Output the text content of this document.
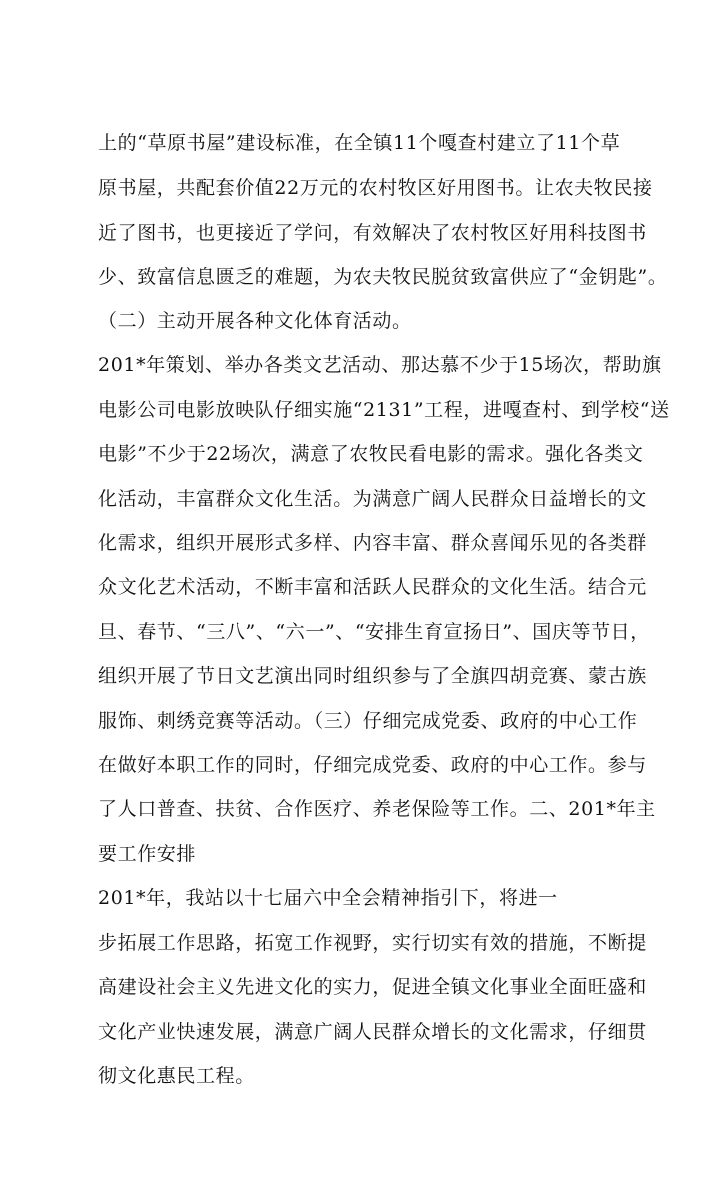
上的“草原书屋”建设标准，在全镇11个嘎查村建立了11个草
原书屋，共配套价值22万元的农村牧区好用图书。让农夫牧民接
近了图书，也更接近了学问，有效解决了农村牧区好用科技图书
少、致富信息匮乏的难题，为农夫牧民脱贫致富供应了“金钥匙”。
（二）主动开展各种文化体育活动。
201*年策划、举办各类文艺活动、那达慕不少于15场次，帮助旗
电影公司电影放映队仔细实施“2131”工程，进嘎查村、到学校“送
电影”不少于22场次，满意了农牧民看电影的需求。强化各类文
化活动，丰富群众文化生活。为满意广阔人民群众日益增长的文
化需求，组织开展形式多样、内容丰富、群众喜闻乐见的各类群
众文化艺术活动，不断丰富和活跃人民群众的文化生活。结合元
旦、春节、“三八”、“六一”、“安排生育宣扬日”、国庆等节日，
组织开展了节日文艺演出同时组织参与了全旗四胡竞赛、蒙古族
服饰、刺绣竞赛等活动。（三）仔细完成党委、政府的中心工作
在做好本职工作的同时，仔细完成党委、政府的中心工作。参与
了人口普查、扶贫、合作医疗、养老保险等工作。二、201*年主
要工作安排
201*年，我站以十七届六中全会精神指引下，将进一
步拓展工作思路，拓宽工作视野，实行切实有效的措施，不断提
高建设社会主义先进文化的实力，促进全镇文化事业全面旺盛和
文化产业快速发展，满意广阔人民群众增长的文化需求，仔细贯
彻文化惠民工程。
